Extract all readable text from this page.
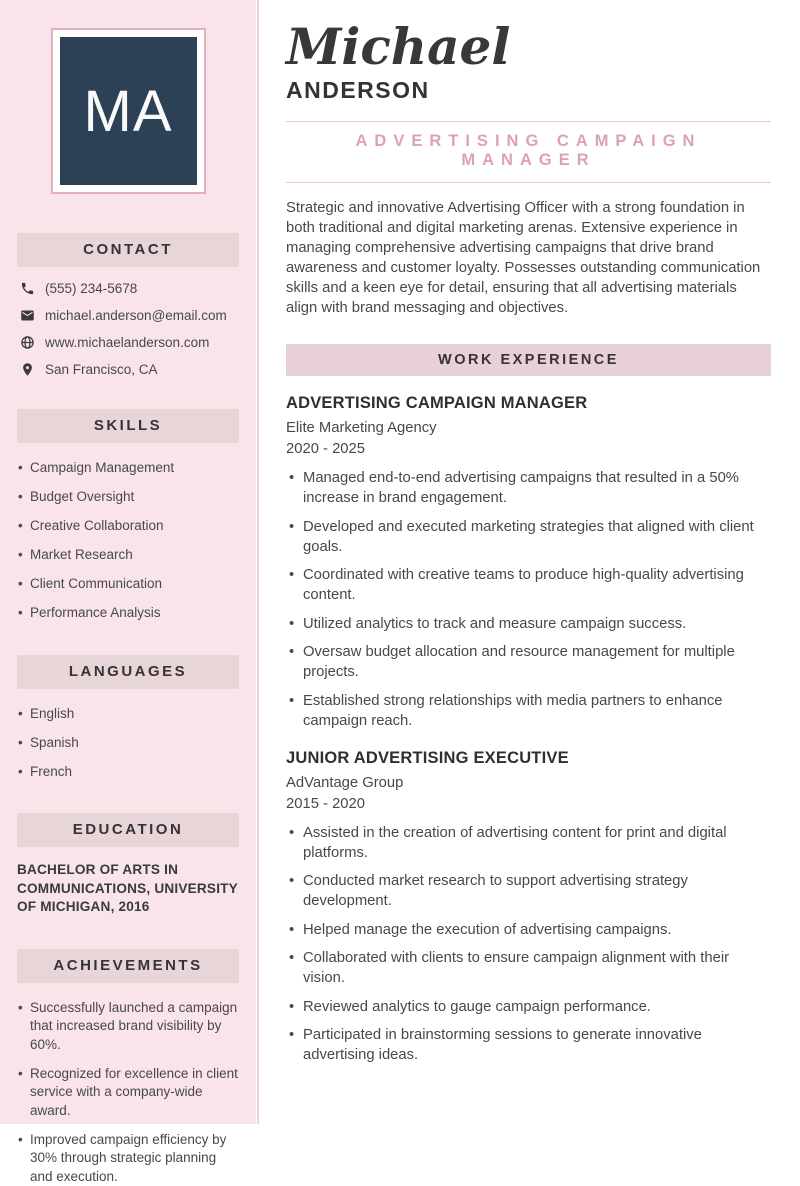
MA
CONTACT
(555) 234-5678
michael.anderson@email.com
www.michaelanderson.com
San Francisco, CA
SKILLS
• Campaign Management
• Budget Oversight
• Creative Collaboration
• Market Research
• Client Communication
• Performance Analysis
LANGUAGES
• English
• Spanish
• French
EDUCATION

BACHELOR OF ARTS IN COMMUNICATIONS, UNIVERSITY OF MICHIGAN, 2016

ACHIEVEMENTS
• Successfully launched a campaign that increased brand visibility by 60%.
• Recognized for excellence in client service with a company-wide award.
• Improved campaign efficiency by 30% through strategic planning and execution.
Michael
ANDERSON
ADVERTISING CAMPAIGN MANAGER

Strategic and innovative Advertising Officer with a strong foundation in both traditional and digital marketing arenas. Extensive experience in managing comprehensive advertising campaigns that drive brand awareness and customer loyalty. Possesses outstanding communication skills and a keen eye for detail, ensuring that all advertising materials align with brand messaging and objectives.

WORK EXPERIENCE
ADVERTISING CAMPAIGN MANAGER
Elite Marketing Agency
2020 - 2025
• Managed end-to-end advertising campaigns that resulted in a 50% increase in brand engagement.
• Developed and executed marketing strategies that aligned with client goals.
• Coordinated with creative teams to produce high-quality advertising content.
• Utilized analytics to track and measure campaign success.
• Oversaw budget allocation and resource management for multiple projects.
• Established strong relationships with media partners to enhance campaign reach.
JUNIOR ADVERTISING EXECUTIVE
AdVantage Group
2015 - 2020
• Assisted in the creation of advertising content for print and digital platforms.
• Conducted market research to support advertising strategy development.
• Helped manage the execution of advertising campaigns.
• Collaborated with clients to ensure campaign alignment with their vision.
• Reviewed analytics to gauge campaign performance.
• Participated in brainstorming sessions to generate innovative advertising ideas.
